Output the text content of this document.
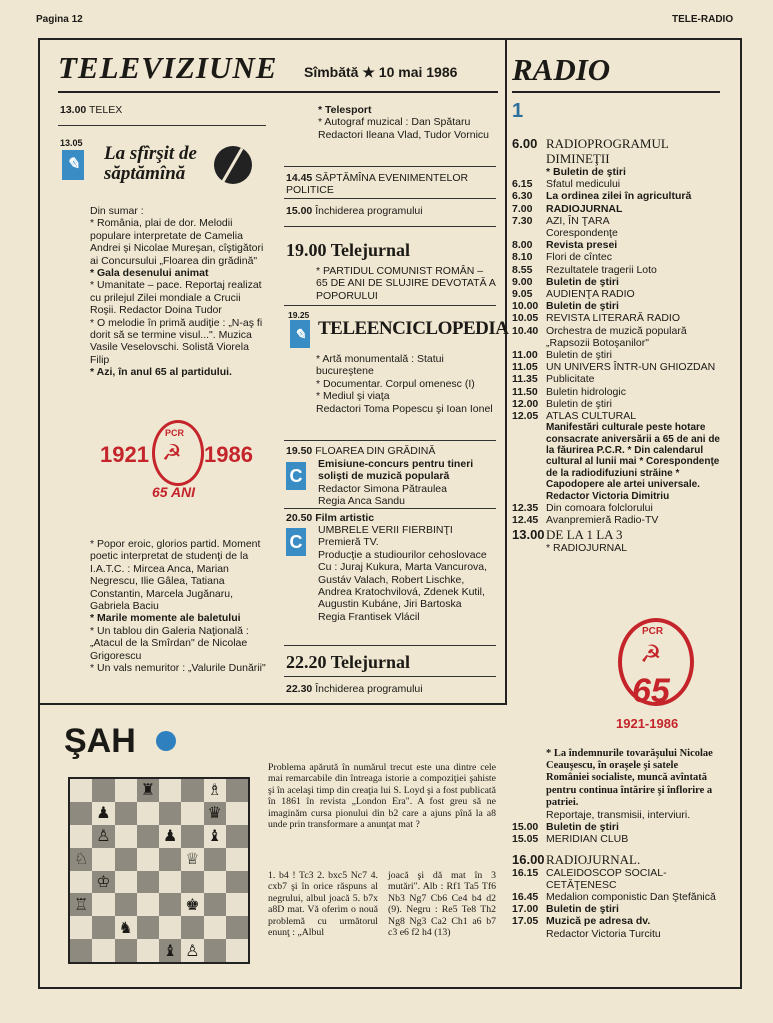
Pagina 12	TELE-RADIO
TELEVIZIUNE Sîmbătă ★ 10 mai 1986
13.00 TELEX
13.05
✎
La sfîrşit de săptămînă

Din sumar :

* România, plai de dor. Melodii populare interpretate de Camelia Andrei şi Nicolae Mureşan, cîştigători ai Concursului „Floarea din grădină"

* Gala desenului animat

* Umanitate – pace. Reportaj realizat cu prilejul Zilei mondiale a Crucii Roşii. Redactor Doina Tudor

* O melodie în primă audiţie : „N-aş fi dorit să se termine visul...". Muzica Vasile Veselovschi. Solistă Viorela Filip

* Azi, în anul 65 al partidului.

1921	1986
PCR
☭
65 ANI

* Popor eroic, glorios partid. Moment poetic interpretat de studenţi de la I.A.T.C. : Mircea Anca, Marian Negrescu, Ilie Gâlea, Tatiana Constantin, Marcela Jugănaru, Gabriela Baciu

* Marile momente ale baletului

* Un tablou din Galeria Naţională : „Atacul de la Smîrdan" de Nicolae Grigorescu

* Un vals nemuritor : „Valurile Dunării"

* Telesport

* Autograf muzical : Dan Spătaru

Redactori Ileana Vlad, Tudor Vornicu

14.45 SĂPTĂMÎNA EVENIMENTELOR POLITICE
15.00 Închiderea programului
19.00 Telejurnal
* PARTIDUL COMUNIST ROMÂN – 65 DE ANI DE SLUJIRE DEVOTATĂ A POPORULUI
19.25
✎ TELEENCICLOPEDIA

* Artă monumentală : Statui bucureştene

* Documentar. Corpul omenesc (I)

* Mediul şi viaţa

Redactori Toma Popescu şi Ioan Ionel

19.50 FLOAREA DIN GRĂDINĂ
C

Emisiune-concurs pentru tineri solişti de muzică populară

Redactor Simona Pătraulea

Regia Anca Sandu

20.50 Film artistic
C

UMBRELE VERII FIERBINŢI

Premieră TV.

Producţie a studiourilor cehoslovace

Cu : Juraj Kukura, Marta Vancurova, Gustáv Valach, Robert Lischke, Andrea Kratochvilová, Zdenek Kutil, Augustin Kubáne, Jiri Bartoska

Regia Frantisek Vlácil

22.20 Telejurnal
22.30 Închiderea programului
RADIO
1
6.00 RADIOPROGRAMUL DIMINEŢII
* Buletin de ştiri
6.15	Sfatul medicului
6.30	La ordinea zilei în agricultură
7.00	RADIOJURNAL
7.30	AZI, ÎN ŢARA
Corespondenţe
8.00	Revista presei
8.10	Flori de cîntec
8.55	Rezultatele tragerii Loto
9.00	Buletin de ştiri
9.05	AUDIENŢA RADIO
10.00 Buletin de ştiri
10.05 REVISTA LITERARĂ RADIO
10.40 Orchestra de muzică populară „Rapsozii Botoşanilor"
11.00 Buletin de ştiri
11.05 UN UNIVERS ÎNTR-UN GHIOZDAN
11.35 Publicitate
11.50 Buletin hidrologic
12.00 Buletin de ştiri
12.05 ATLAS CULTURAL
Manifestări culturale peste hotare consacrate aniversării a 65 de ani de la făurirea P.C.R. * Din calendarul cultural al lunii mai * Corespondenţe de la radiodifuziuni străine * Capodopere ale artei universale. Redactor Victoria Dimitriu
12.35 Din comoara folclorului
12.45 Avanpremieră Radio-TV
13.00 DE LA 1 LA 3
* RADIOJURNAL
PCR
☭
65
1921-1986
* La îndemnurile tovarăşului Nicolae Ceauşescu, în oraşele şi satele României socialiste, muncă avîntată pentru continua întărire şi înflorire a patriei.
Reportaje, transmisii, interviuri.
15.00 Buletin de ştiri
15.05 MERIDIAN CLUB
16.00 RADIOJURNAL.
16.15 CALEIDOSCOP SOCIAL-CETĂŢENESC
16.45 Medalion componistic Dan Ştefănică
17.00 Buletin de ştiri
17.05 Muzică pe adresa dv.
Redactor Victoria Turcitu
ŞAH
♜	♗
♟	♛
♙	♟ ♝
♘	♕
♔
♖	♚
♞
♝ ♙
Problema apărută în numărul trecut este una dintre cele mai remarcabile din întreaga istorie a compoziţiei şahiste şi în acelaşi timp din creaţia lui S. Loyd şi a fost publicată în 1861 în revista „London Era". A fost greu să ne imaginăm cursa pionului din b2 care a ajuns pînă la a8 unde prin transformare a anunţat mat ?
1. b4 ! Tc3 2. bxc5 Nc7 4. cxb7 şi în orice răspuns al negrului, albul joacă 5. b7x a8D mat. Vă oferim o nouă problemă cu următorul enunţ : „Albul
joacă şi dă mat în 3 mutări". Alb : Rf1 Ta5 Tf6 Nb3 Ng7 Cb6 Ce4 b4 d2 (9). Negru : Re5 Te8 Th2 Ng8 Ng3 Ca2 Ch1 a6 b7 c3 e6 f2 h4 (13)
